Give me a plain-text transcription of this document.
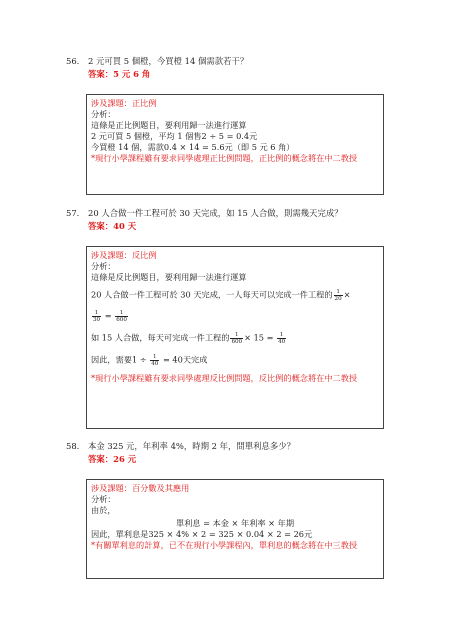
56. 2 元可買 5 個橙，今買橙 14 個需款若干？
答案：5 元 6 角
涉及課題：正比例
分析：
這條是正比例題目，要利用歸一法進行運算
2 元可買 5 個橙，平均 1 個售2 ÷ 5 = 0.4元
今買橙 14 個，需款0.4 × 14 = 5.6元（即 5 元 6 角）
*現行小學課程雖有要求同學處理正比例問題，正比例的概念將在中二教授
57. 20 人合做一件工程可於 30 天完成，如 15 人合做，則需幾天完成？
答案：40 天
涉及課題：反比例
分析：
這條是反比例題目，要利用歸一法進行運算
20 人合做一件工程可於 30 天完成，一人每天可以完成一件工程的 $\frac{1}{20}$ ×
$\frac{1}{30} = \frac{1}{600}$
如 15 人合做，每天可完成一件工程的 $\frac{1}{600} \times 15 = \frac{1}{40}$
因此，需要$1 \div \frac{1}{40} = 40$天完成
*現行小學課程雖有要求同學處理反比例問題，反比例的概念將在中二教授
58. 本金 325 元，年利率 4%，時期 2 年，問單利息多少？
答案：26 元
涉及課題：百分數及其應用
分析：
由於，
單利息 = 本金 × 年利率 × 年期
因此，單利息是325 × 4% × 2 = 325 × 0.04 × 2 = 26元
*有關單利息的計算，已不在現行小學課程內，單利息的概念將在中三教授
